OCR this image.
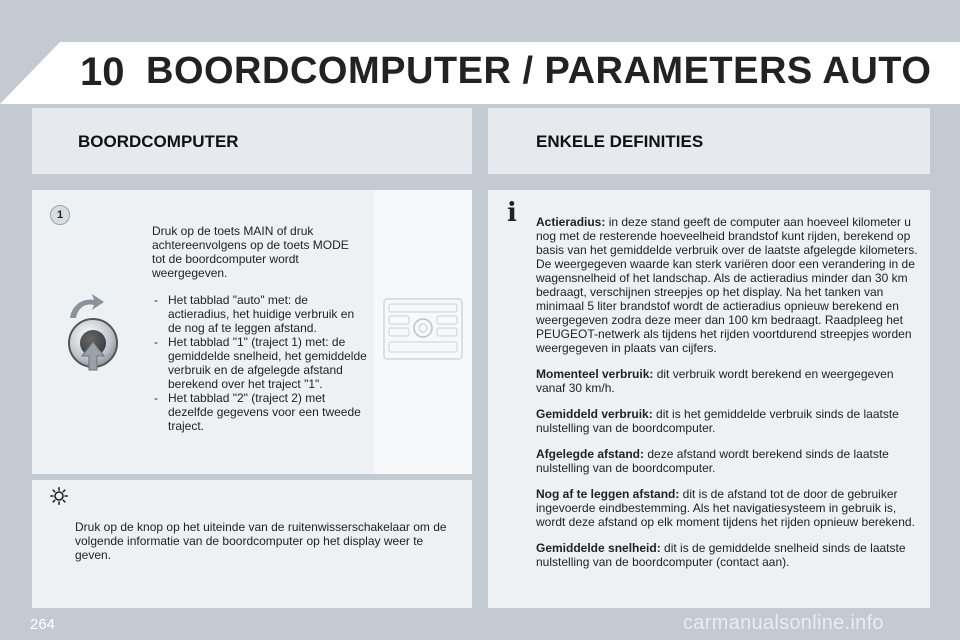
10 BOORDCOMPUTER / PARAMETERS AUTO
BOORDCOMPUTER	ENKELE DEFINITIES
1
Druk op de toets MAIN of druk achtereenvolgens op de toets MODE tot de boordcomputer wordt weergegeven.
- Het tabblad "auto" met: de actieradius, het huidige verbruik en de nog af te leggen afstand.
- Het tabblad "1" (traject 1) met: de gemiddelde snelheid, het gemiddelde verbruik en de afgelegde afstand berekend over het traject "1".
- Het tabblad "2" (traject 2) met dezelfde gegevens voor een tweede traject.
Druk op de knop op het uiteinde van de ruitenwisserschakelaar om de volgende informatie van de boordcomputer op het display weer te geven.
i	Actieradius: in deze stand geeft de computer aan hoeveel kilometer u nog met de resterende hoeveelheid brandstof kunt rijden, berekend op basis van het gemiddelde verbruik over de laatste afgelegde kilometers. De weergegeven waarde kan sterk variëren door een verandering in de wagensnelheid of het landschap. Als de actieradius minder dan 30 km bedraagt, verschijnen streepjes op het display. Na het tanken van minimaal 5 liter brandstof wordt de actieradius opnieuw berekend en weergegeven zodra deze meer dan 100 km bedraagt. Raadpleeg het PEUGEOT-netwerk als tijdens het rijden voortdurend streepjes worden weergegeven in plaats van cijfers.

Momenteel verbruik: dit verbruik wordt berekend en weergegeven vanaf 30 km/h.

Gemiddeld verbruik: dit is het gemiddelde verbruik sinds de laatste nulstelling van de boordcomputer.

Afgelegde afstand: deze afstand wordt berekend sinds de laatste nulstelling van de boordcomputer.

Nog af te leggen afstand: dit is de afstand tot de door de gebruiker ingevoerde eindbestemming. Als het navigatiesysteem in gebruik is, wordt deze afstand op elk moment tijdens het rijden opnieuw berekend.

Gemiddelde snelheid: dit is de gemiddelde snelheid sinds de laatste nulstelling van de boordcomputer (contact aan).

264	carmanualsonline.info
